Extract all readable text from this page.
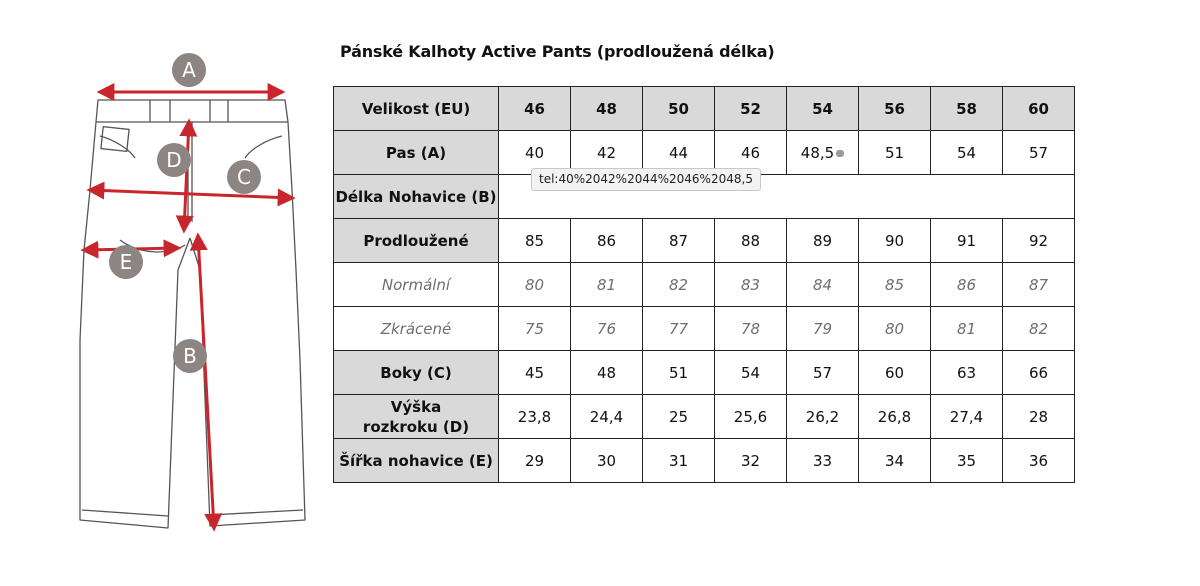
A
D
C
E
B
Pánské Kalhoty Active Pants (prodloužená délka)
Velikost (EU)	46	48	50	52	54	56	58	60
Pas (A)	40	42	44	46	48,5	51	54	57
Délka Nohavice (B)								
Prodloužené	85	86	87	88	89	90	91	92
Normální	80	81	82	83	84	85	86	87
Zkrácené	75	76	77	78	79	80	81	82
Boky (C)	45	48	51	54	57	60	63	66
Výška
rozkroku (D)	23,8	24,4	25	25,6	26,2	26,8	27,4	28
Šířka nohavice (E)	29	30	31	32	33	34	35	36
tel:40%2042%2044%2046%2048,5
